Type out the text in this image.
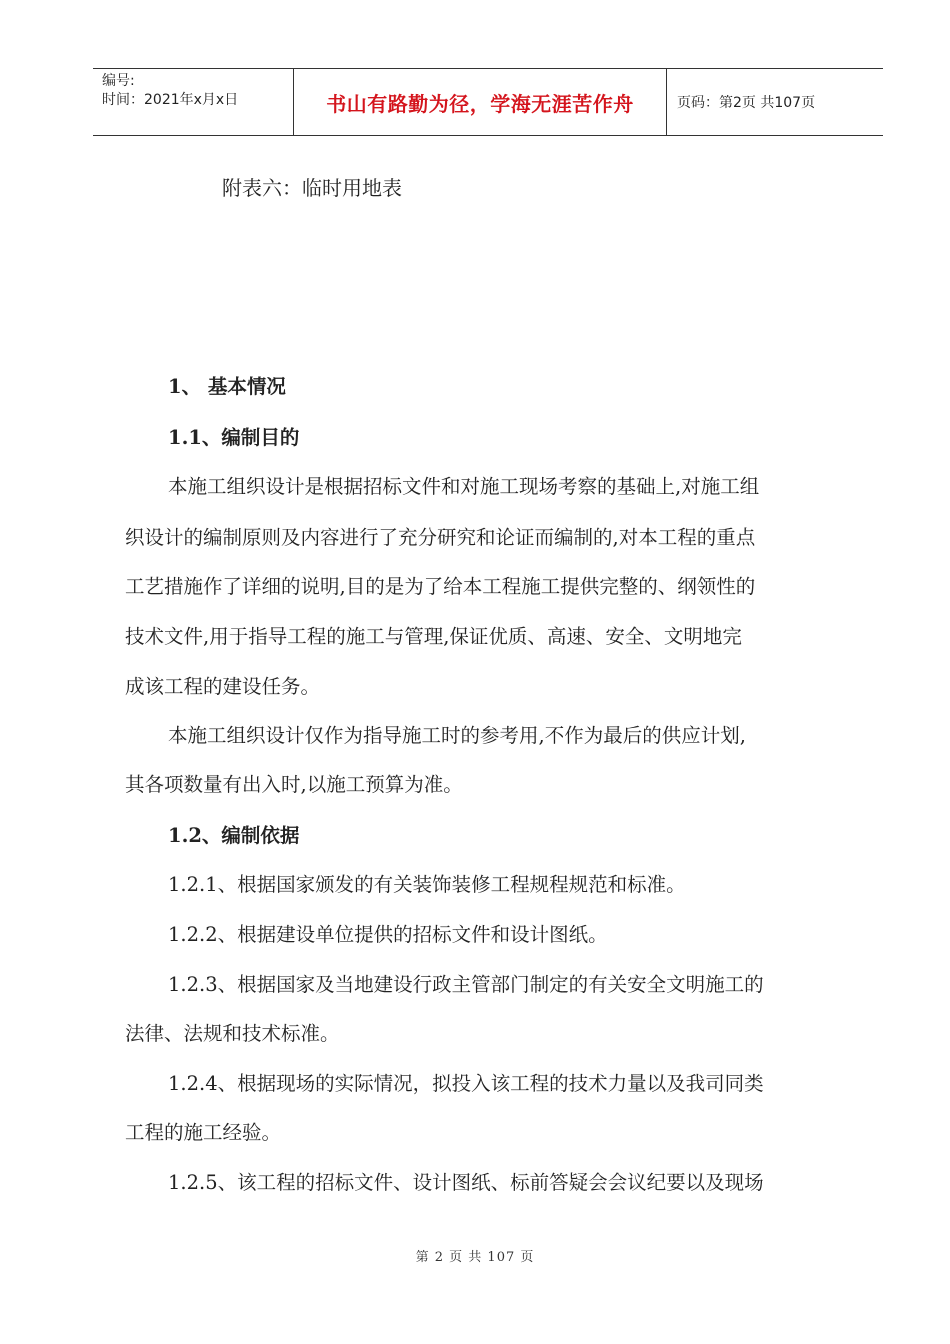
编号:
时间：2021年x月x日	书山有路勤为径，学海无涯苦作舟	页码：第2页 共107页
附表六：临时用地表
1、 基本情况
1.1、编制目的
本施工组织设计是根据招标文件和对施工现场考察的基础上,对施工组
织设计的编制原则及内容进行了充分研究和论证而编制的,对本工程的重点
工艺措施作了详细的说明,目的是为了给本工程施工提供完整的、纲领性的
技术文件,用于指导工程的施工与管理,保证优质、高速、安全、文明地完
成该工程的建设任务。
本施工组织设计仅作为指导施工时的参考用,不作为最后的供应计划,
其各项数量有出入时,以施工预算为准。
1.2、编制依据
1.2.1、根据国家颁发的有关装饰装修工程规程规范和标准。
1.2.2、根据建设单位提供的招标文件和设计图纸。
1.2.3、根据国家及当地建设行政主管部门制定的有关安全文明施工的
法律、法规和技术标准。
1.2.4、根据现场的实际情况，拟投入该工程的技术力量以及我司同类
工程的施工经验。
1.2.5、该工程的招标文件、设计图纸、标前答疑会会议纪要以及现场
第 2 页 共 107 页
